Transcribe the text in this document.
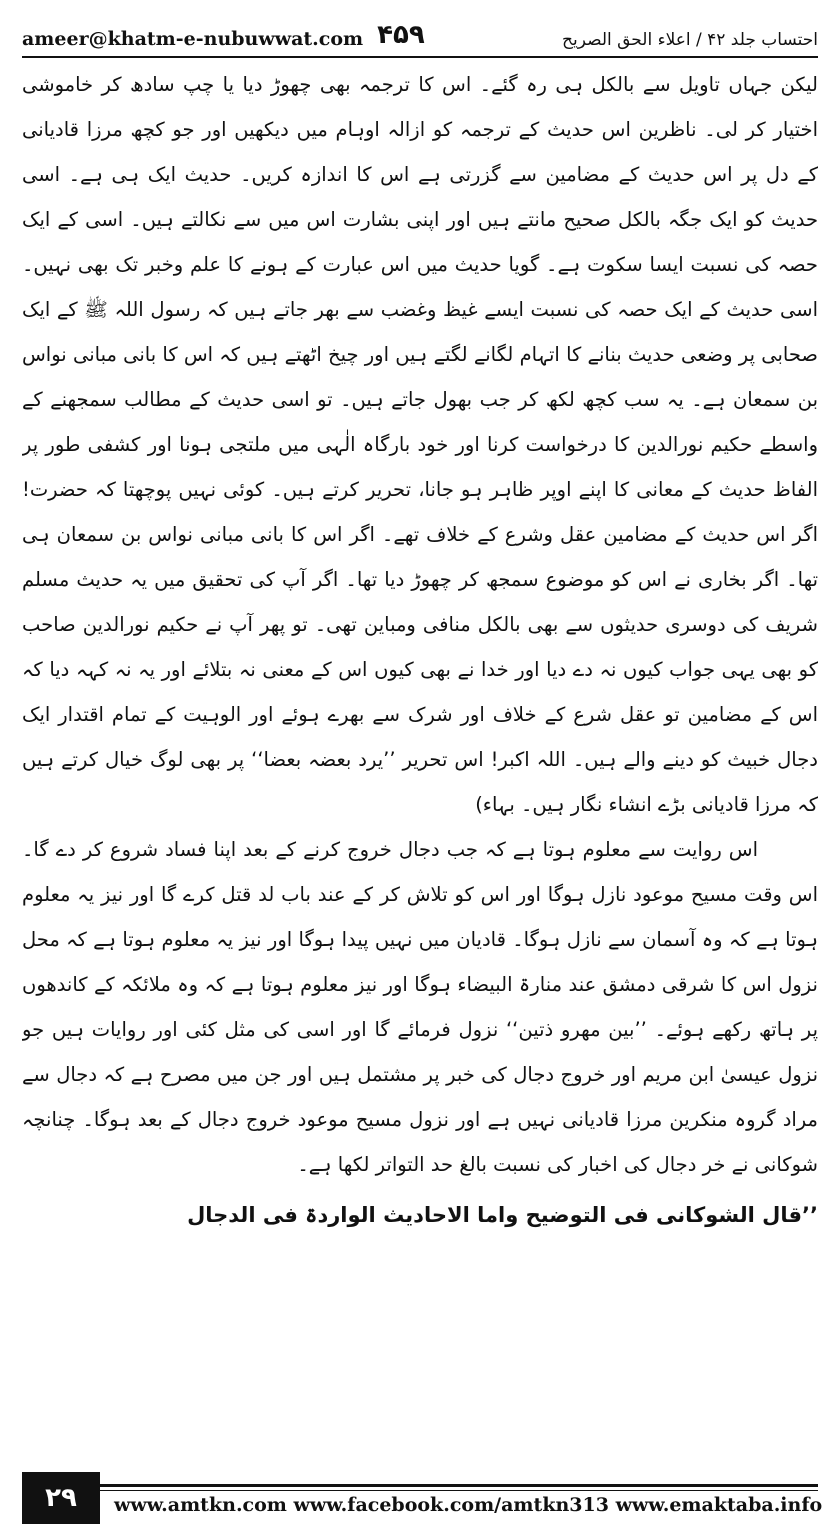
ameer@khatm-e-nubuwwat.com ۴۵۹	احتساب جلد ۴۲ / اعلاء الحق الصریح

لیکن جہاں تاویل سے بالکل ہی رہ گئے۔ اس کا ترجمہ بھی چھوڑ دیا یا چپ سادھ کر خاموشی اختیار کر لی۔ ناظرین اس حدیث کے ترجمہ کو ازالہ اوہام میں دیکھیں اور جو کچھ مرزا قادیانی کے دل پر اس حدیث کے مضامین سے گزرتی ہے اس کا اندازہ کریں۔ حدیث ایک ہی ہے۔ اسی حدیث کو ایک جگہ بالکل صحیح مانتے ہیں اور اپنی بشارت اس میں سے نکالتے ہیں۔ اسی کے ایک حصہ کی نسبت ایسا سکوت ہے۔ گویا حدیث میں اس عبارت کے ہونے کا علم وخبر تک بھی نہیں۔ اسی حدیث کے ایک حصہ کی نسبت ایسے غیظ وغضب سے بھر جاتے ہیں کہ رسول اللہ ﷺ کے ایک صحابی پر وضعی حدیث بنانے کا اتہام لگانے لگتے ہیں اور چیخ اٹھتے ہیں کہ اس کا بانی مبانی نواس بن سمعان ہے۔ یہ سب کچھ لکھ کر جب بھول جاتے ہیں۔ تو اسی حدیث کے مطالب سمجھنے کے واسطے حکیم نورالدین کا درخواست کرنا اور خود بارگاہ الٰہی میں ملتجی ہونا اور کشفی طور پر الفاظ حدیث کے معانی کا اپنے اوپر ظاہر ہو جانا، تحریر کرتے ہیں۔ کوئی نہیں پوچھتا کہ حضرت! اگر اس حدیث کے مضامین عقل وشرع کے خلاف تھے۔ اگر اس کا بانی مبانی نواس بن سمعان ہی تھا۔ اگر بخاری نے اس کو موضوع سمجھ کر چھوڑ دیا تھا۔ اگر آپ کی تحقیق میں یہ حدیث مسلم شریف کی دوسری حدیثوں سے بھی بالکل منافی ومباین تھی۔ تو پھر آپ نے حکیم نورالدین صاحب کو بھی یہی جواب کیوں نہ دے دیا اور خدا نے بھی کیوں اس کے معنی نہ بتلائے اور یہ نہ کہہ دیا کہ اس کے مضامین تو عقل شرع کے خلاف اور شرک سے بھرے ہوئے اور الوہیت کے تمام اقتدار ایک دجال خبیث کو دینے والے ہیں۔ اللہ اکبر! اس تحریر ’’یرد بعضہ بعضا‘‘ پر بھی لوگ خیال کرتے ہیں کہ مرزا قادیانی بڑے انشاء نگار ہیں۔ بہاء)

اس روایت سے معلوم ہوتا ہے کہ جب دجال خروج کرنے کے بعد اپنا فساد شروع کر دے گا۔ اس وقت مسیح موعود نازل ہوگا اور اس کو تلاش کر کے عند باب لد قتل کرے گا اور نیز یہ معلوم ہوتا ہے کہ وہ آسمان سے نازل ہوگا۔ قادیان میں نہیں پیدا ہوگا اور نیز یہ معلوم ہوتا ہے کہ محل نزول اس کا شرقی دمشق عند منارۃ البیضاء ہوگا اور نیز معلوم ہوتا ہے کہ وہ ملائکہ کے کاندھوں پر ہاتھ رکھے ہوئے۔ ’’بین مھرو ذتین‘‘ نزول فرمائے گا اور اسی کی مثل کئی اور روایات ہیں جو نزول عیسیٰ ابن مریم اور خروج دجال کی خبر پر مشتمل ہیں اور جن میں مصرح ہے کہ دجال سے مراد گروہ منکرین مرزا قادیانی نہیں ہے اور نزول مسیح موعود خروج دجال کے بعد ہوگا۔ چنانچہ شوکانی نے خر دجال کی اخبار کی نسبت بالغ حد التواتر لکھا ہے۔

’’قال الشوکانی فی التوضیح واما الاحادیث الواردۃ فی الدجال

۲۹	www.amtkn.com www.facebook.com/amtkn313 www.emaktaba.info
